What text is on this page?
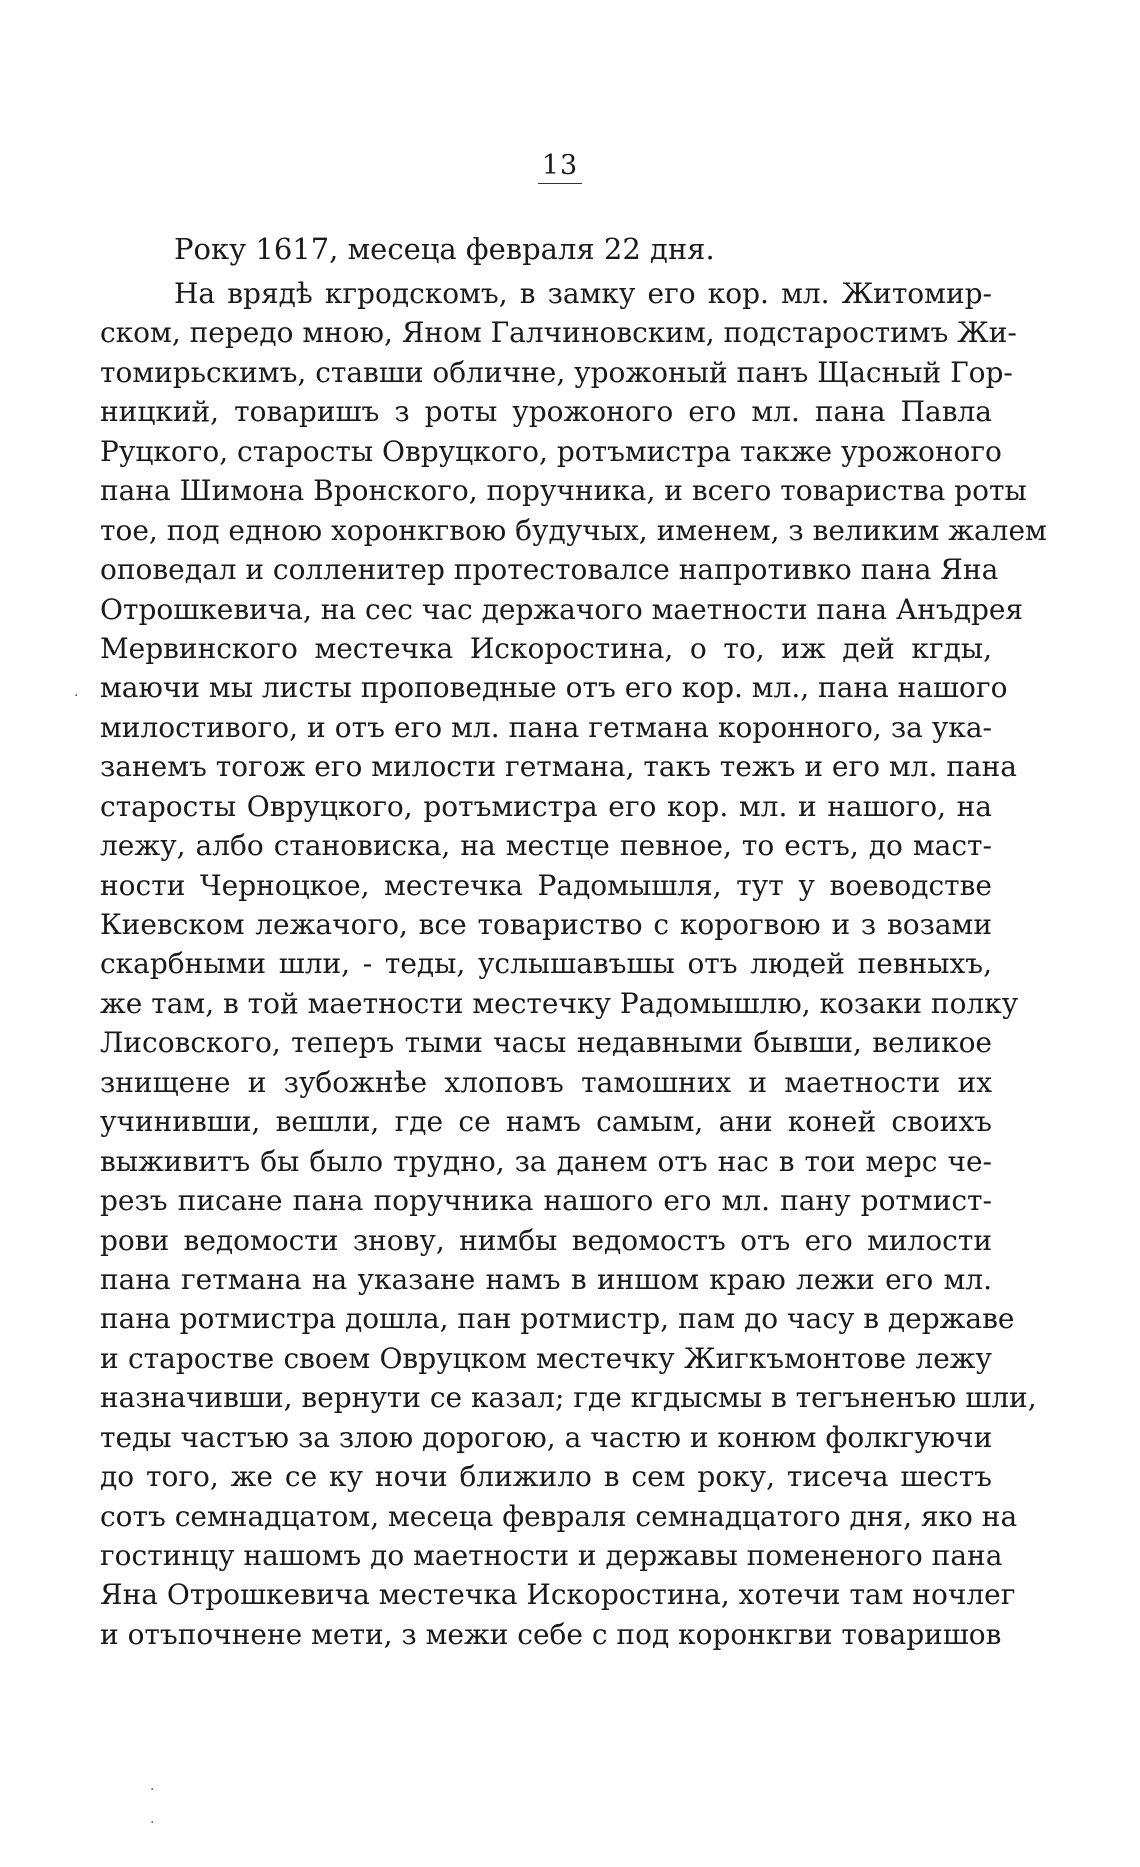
13
Року 1617, месеца февраля 22 дня.
На врядѣ кгродскомъ, в замку его кор. мл. Житомир-
ском, передо мною, Яном Галчиновским, подстаростимъ Жи-
томирьскимъ, ставши обличне, урожоный панъ Щасный Гор-
ницкий, товаришъ з роты урожоного его мл. пана Павла
Руцкого, старосты Овруцкого, ротъмистра также урожоного
пана Шимона Вронского, поручника, и всего товариства роты
тое, под едною хоронкгвою будучых, именем, з великим жалем
оповедал и солленитер протестовалсе напротивко пана Яна
Отрошкевича, на сес час держачого маетности пана Анъдрея
Мервинского местечка Искоростина, о то, иж дей кгды,
маючи мы листы проповедные отъ его кор. мл., пана нашого
милостивого, и отъ его мл. пана гетмана коронного, за ука-
занемъ тогож его милости гетмана, такъ тежъ и его мл. пана
старосты Овруцкого, ротъмистра его кор. мл. и нашого, на
лежу, албо становиска, на местце певное, то естъ, до маст-
ности Черноцкое, местечка Радомышля, тут у воеводстве
Киевском лежачого, все товариство с корогвою и з возами
скарбными шли, - теды, услышавъшы отъ людей певныхъ,
же там, в той маетности местечку Радомышлю, козаки полку
Лисовского, теперъ тыми часы недавными бывши, великое
знищене и зубожнѣе хлоповъ тамошних и маетности их
учинивши, вешли, где се намъ самым, ани коней своихъ
выживитъ бы было трудно, за данем отъ нас в тои мерс че-
резъ писане пана поручника нашого его мл. пану ротмист-
рови ведомости знову, нимбы ведомостъ отъ его милости
пана гетмана на указане намъ в иншом краю лежи его мл.
пана ротмистра дошла, пан ротмистр, пам до часу в державе
и старостве своем Овруцком местечку Жигкъмонтове лежу
назначивши, вернути се казал; где кгдысмы в тегъненъю шли,
теды частъю за злою дорогою, а частю и конюм фолкгуючи
до того, же се ку ночи ближило в сем року, тисеча шестъ
сотъ семнадцатом, месеца февраля семнадцатого дня, яко на
гостинцу нашомъ до маетности и державы помененого пана
Яна Отрошкевича местечка Искоростина, хотечи там ночлег
и отъпочнене мети, з межи себе с под коронкгви товаришов
·
·
·
